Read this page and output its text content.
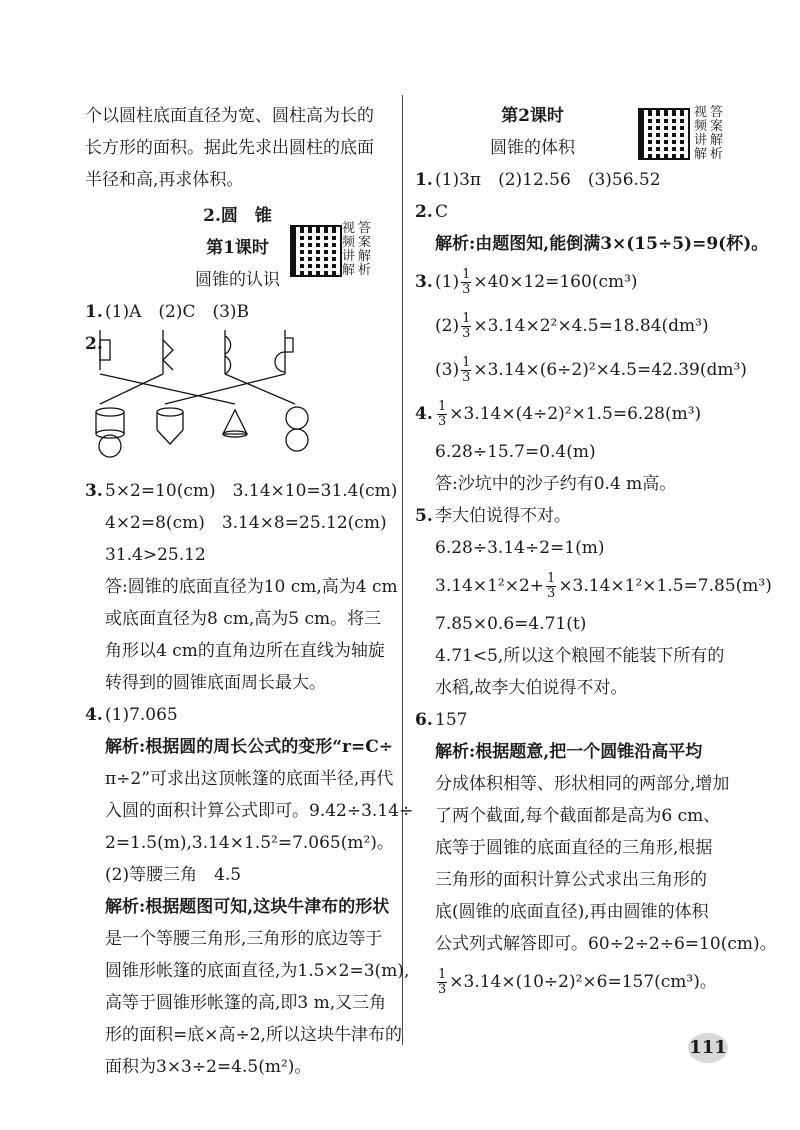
个以圆柱底面直径为宽、圆柱高为长的
长方形的面积。据此先求出圆柱的底面
半径和高,再求体积。
2.圆　锥
第1课时
圆锥的认识
1. (1)A　(2)C　(3)B
2.
3. 5×2=10(cm)　3.14×10=31.4(cm)
4×2=8(cm)　3.14×8=25.12(cm)
31.4>25.12
答:圆锥的底面直径为10 cm,高为4 cm
或底面直径为8 cm,高为5 cm。将三
角形以4 cm的直角边所在直线为轴旋
转得到的圆锥底面周长最大。
4. (1)7.065
解析:根据圆的周长公式的变形“r=C÷
π÷2”可求出这顶帐篷的底面半径,再代
入圆的面积计算公式即可。9.42÷3.14÷
2=1.5(m),3.14×1.5²=7.065(m²)。
(2)等腰三角　4.5
解析:根据题图可知,这块牛津布的形状
是一个等腰三角形,三角形的底边等于
圆锥形帐篷的底面直径,为1.5×2=3(m),
高等于圆锥形帐篷的高,即3 m,又三角
形的面积=底×高÷2,所以这块牛津布的
面积为3×3÷2=4.5(m²)。
视频讲解
答案解析
第2课时
圆锥的体积
1. (1)3π　(2)12.56　(3)56.52
2. C
解析:由题图知,能倒满3×(15÷5)=9(杯)。
3. $(1) \frac{1}{3} \times 40\times 12=160(cm^3)$
$(2) \frac{1}{3} \times 3.14\times 2^2\times 4.5=18.84(dm^3)$
$(3) \frac{1}{3} \times 3.14\times(6\div 2)^2\times 4.5=42.39(dm^3)$
4. $\frac{1}{3} \times 3.14\times(4\div 2)^2\times 1.5=6.28(m^3)$
6.28÷15.7=0.4(m)
答:沙坑中的沙子约有0.4 m高。
5. 李大伯说得不对。
6.28÷3.14÷2=1(m)
$3.14\times 1^2\times 2+ \frac{1}{3} \times 3.14\times 1^2\times 1.5=7.85(m^3)$
7.85×0.6=4.71(t)
4.71<5,所以这个粮囤不能装下所有的
水稻,故李大伯说得不对。
6. 157
解析:根据题意,把一个圆锥沿高平均
分成体积相等、形状相同的两部分,增加
了两个截面,每个截面都是高为6 cm、
底等于圆锥的底面直径的三角形,根据
三角形的面积计算公式求出三角形的
底(圆锥的底面直径),再由圆锥的体积
公式列式解答即可。60÷2÷2÷6=10(cm)。
$\frac{1}{3} \times 3.14\times(10\div 2)^2\times 6=157(cm^3)$。
视频讲解
答案解析
111
